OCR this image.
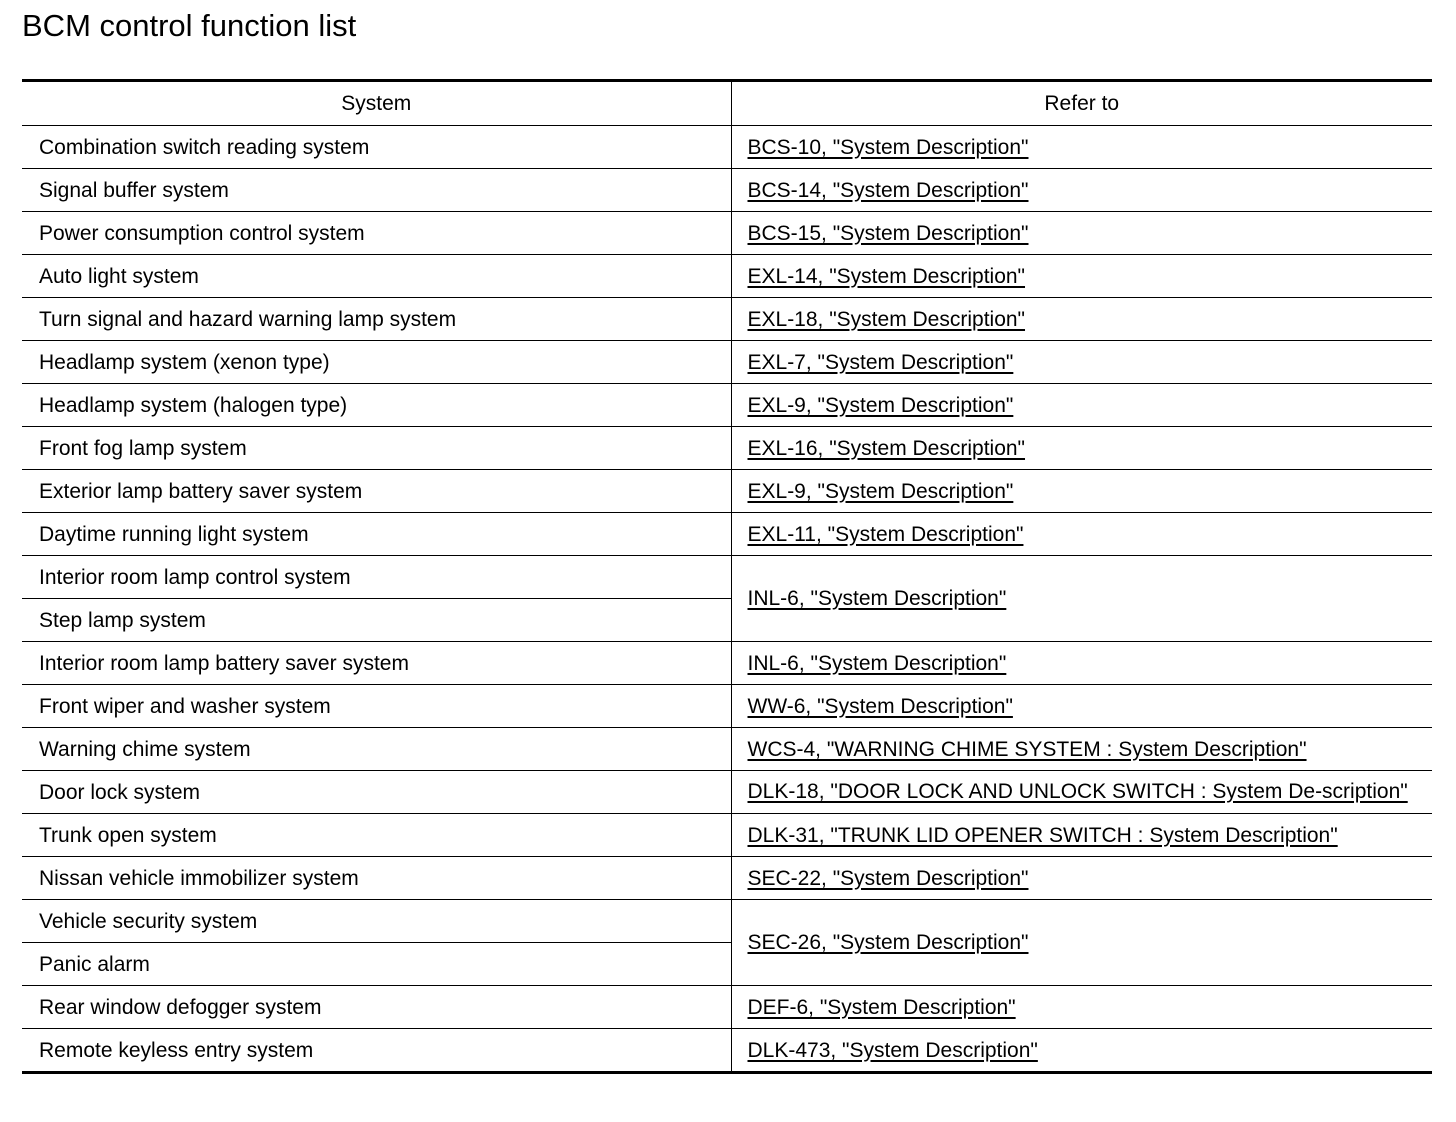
BCM control function list
System	Refer to
Combination switch reading system	BCS-10, "System Description"
Signal buffer system	BCS-14, "System Description"
Power consumption control system	BCS-15, "System Description"
Auto light system	EXL-14, "System Description"
Turn signal and hazard warning lamp system	EXL-18, "System Description"
Headlamp system (xenon type)	EXL-7, "System Description"
Headlamp system (halogen type)	EXL-9, "System Description"
Front fog lamp system	EXL-16, "System Description"
Exterior lamp battery saver system	EXL-9, "System Description"
Daytime running light system	EXL-11, "System Description"
Interior room lamp control system	INL-6, "System Description"
Step lamp system	
Interior room lamp battery saver system	INL-6, "System Description"
Front wiper and washer system	WW-6, "System Description"
Warning chime system	WCS-4, "WARNING CHIME SYSTEM : System Description"
Door lock system	DLK-18, "DOOR LOCK AND UNLOCK SWITCH : System De-scription"
Trunk open system	DLK-31, "TRUNK LID OPENER SWITCH : System Description"
Nissan vehicle immobilizer system	SEC-22, "System Description"
Vehicle security system	SEC-26, "System Description"
Panic alarm	
Rear window defogger system	DEF-6, "System Description"
Remote keyless entry system	DLK-473, "System Description"
